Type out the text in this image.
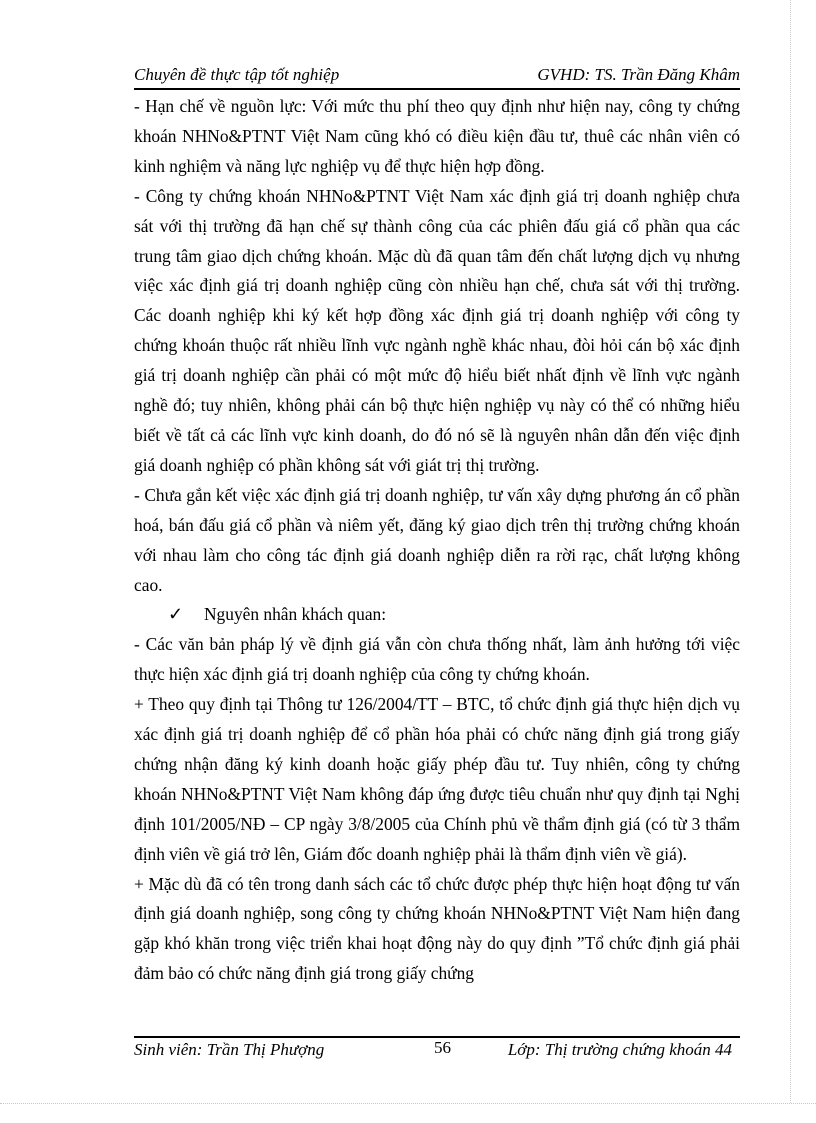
Chuyên đề thực tập tốt nghiệp	GVHD: TS. Trần Đăng Khâm

- Hạn chế về nguồn lực: Với mức thu phí theo quy định như hiện nay, công ty chứng khoán NHNo&PTNT Việt Nam cũng khó có điều kiện đầu tư, thuê các nhân viên có kinh nghiệm và năng lực nghiệp vụ để thực hiện hợp đồng.

- Công ty chứng khoán NHNo&PTNT Việt Nam xác định giá trị doanh nghiệp chưa sát với thị trường đã hạn chế sự thành công của các phiên đấu giá cổ phần qua các trung tâm giao dịch chứng khoán. Mặc dù đã quan tâm đến chất lượng dịch vụ nhưng việc xác định giá trị doanh nghiệp cũng còn nhiều hạn chế, chưa sát với thị trường. Các doanh nghiệp khi ký kết hợp đồng xác định giá trị doanh nghiệp với công ty chứng khoán thuộc rất nhiều lĩnh vực ngành nghề khác nhau, đòi hỏi cán bộ xác định giá trị doanh nghiệp cần phải có một mức độ hiểu biết nhất định về lĩnh vực ngành nghề đó; tuy nhiên, không phải cán bộ thực hiện nghiệp vụ này có thể có những hiểu biết về tất cả các lĩnh vực kinh doanh, do đó nó sẽ là nguyên nhân dẫn đến việc định giá doanh nghiệp có phần không sát với giát trị thị trường.

- Chưa gắn kết việc xác định giá trị doanh nghiệp, tư vấn xây dựng phương án cổ phần hoá, bán đấu giá cổ phần và niêm yết, đăng ký giao dịch trên thị trường chứng khoán với nhau làm cho công tác định giá doanh nghiệp diễn ra rời rạc, chất lượng không cao.

✓ Nguyên nhân khách quan:

- Các văn bản pháp lý về định giá vẫn còn chưa thống nhất, làm ảnh hưởng tới việc thực hiện xác định giá trị doanh nghiệp của công ty chứng khoán.

+ Theo quy định tại Thông tư 126/2004/TT – BTC, tổ chức định giá thực hiện dịch vụ xác định giá trị doanh nghiệp để cổ phần hóa phải có chức năng định giá trong giấy chứng nhận đăng ký kinh doanh hoặc giấy phép đầu tư. Tuy nhiên, công ty chứng khoán NHNo&PTNT Việt Nam không đáp ứng được tiêu chuẩn như quy định tại Nghị định 101/2005/NĐ – CP ngày 3/8/2005 của Chính phủ về thẩm định giá (có từ 3 thẩm định viên về giá trở lên, Giám đốc doanh nghiệp phải là thẩm định viên về giá).

+ Mặc dù đã có tên trong danh sách các tổ chức được phép thực hiện hoạt động tư vấn định giá doanh nghiệp, song công ty chứng khoán NHNo&PTNT Việt Nam hiện đang gặp khó khăn trong việc triển khai hoạt động này do quy định ”Tổ chức định giá phải đảm bảo có chức năng định giá trong giấy chứng

Sinh viên: Trần Thị Phượng	56	Lớp: Thị trường chứng khoán 44
